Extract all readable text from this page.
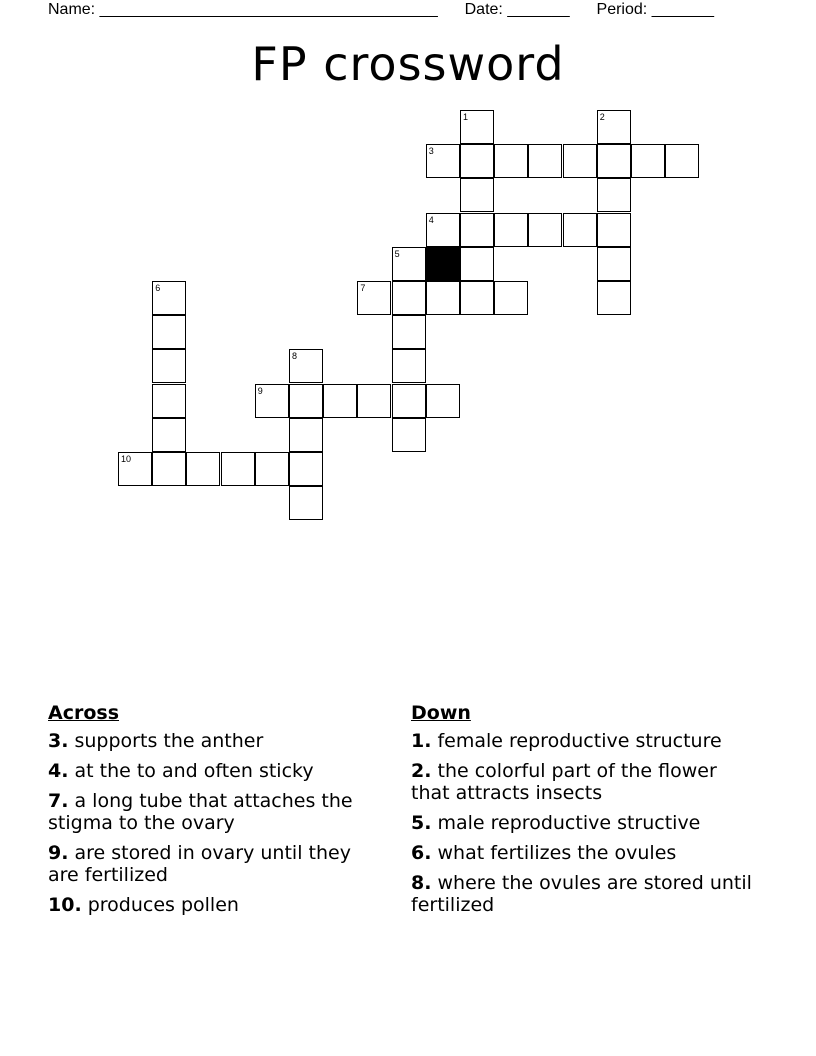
Name: ______________________________________ Date: _______ Period: _______
FP crossword
1	2
3
4
5
6	7
8
9
10
Across
3. supports the anther
4. at the to and often sticky
7. a long tube that attaches the stigma to the ovary
9. are stored in ovary until they are fertilized
10. produces pollen
Down
1. female reproductive structure
2. the colorful part of the flower that attracts insects
5. male reproductive structive
6. what fertilizes the ovules
8. where the ovules are stored until fertilized
